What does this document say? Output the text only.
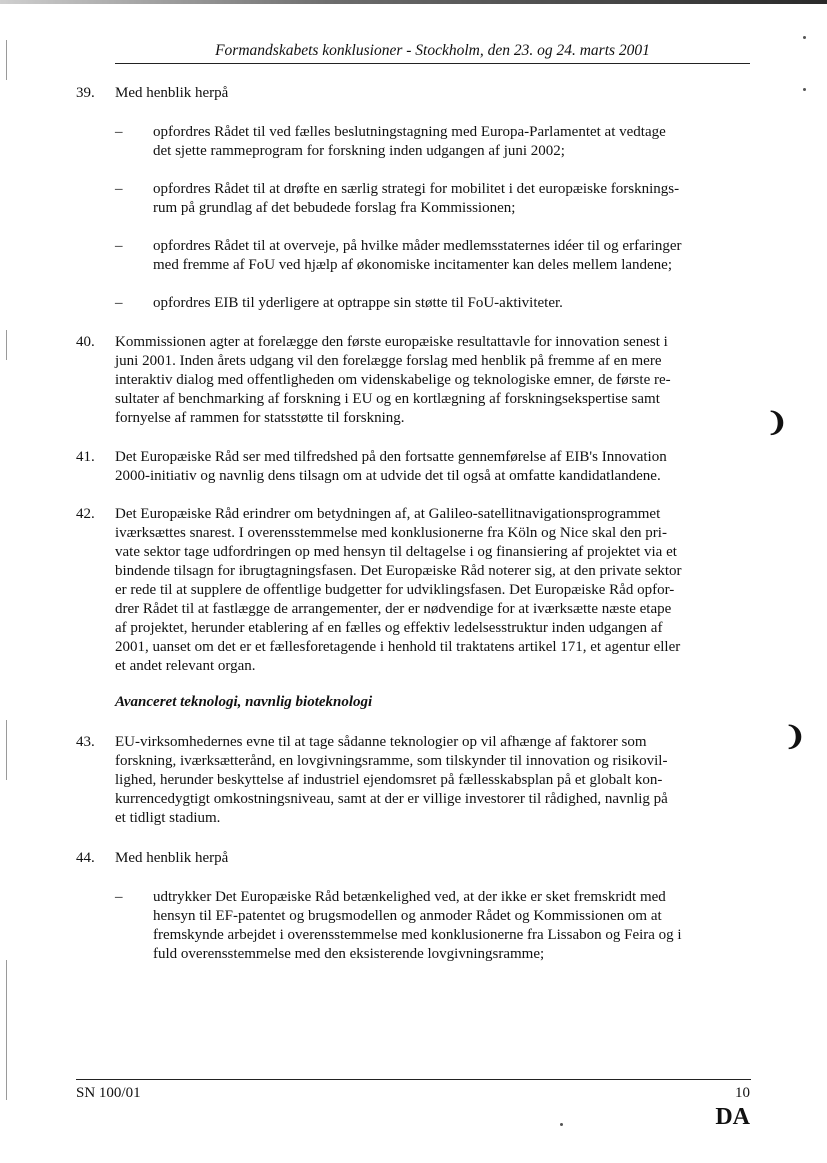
Formandskabets konklusioner - Stockholm, den 23. og 24. marts 2001
39.	Med henblik herpå
–	opfordres Rådet til ved fælles beslutningstagning med Europa-Parlamentet at vedtage
det sjette rammeprogram for forskning inden udgangen af juni 2002;
–	opfordres Rådet til at drøfte en særlig strategi for mobilitet i det europæiske forsknings-
rum på grundlag af det bebudede forslag fra Kommissionen;
–	opfordres Rådet til at overveje, på hvilke måder medlemsstaternes idéer til og erfaringer
med fremme af FoU ved hjælp af økonomiske incitamenter kan deles mellem landene;
–	opfordres EIB til yderligere at optrappe sin støtte til FoU-aktiviteter.
40.	Kommissionen agter at forelægge den første europæiske resultattavle for innovation senest i
juni 2001. Inden årets udgang vil den forelægge forslag med henblik på fremme af en mere
interaktiv dialog med offentligheden om videnskabelige og teknologiske emner, de første re-
sultater af benchmarking af forskning i EU og en kortlægning af forskningsekspertise samt
fornyelse af rammen for statsstøtte til forskning.
41.	Det Europæiske Råd ser med tilfredshed på den fortsatte gennemførelse af EIB's Innovation
2000-initiativ og navnlig dens tilsagn om at udvide det til også at omfatte kandidatlandene.
42.	Det Europæiske Råd erindrer om betydningen af, at Galileo-satellitnavigationsprogrammet
iværksættes snarest. I overensstemmelse med konklusionerne fra Köln og Nice skal den pri-
vate sektor tage udfordringen op med hensyn til deltagelse i og finansiering af projektet via et
bindende tilsagn for ibrugtagningsfasen. Det Europæiske Råd noterer sig, at den private sektor
er rede til at supplere de offentlige budgetter for udviklingsfasen. Det Europæiske Råd opfor-
drer Rådet til at fastlægge de arrangementer, der er nødvendige for at iværksætte næste etape
af projektet, herunder etablering af en fælles og effektiv ledelsesstruktur inden udgangen af
2001, uanset om det er et fællesforetagende i henhold til traktatens artikel 171, et agentur eller
et andet relevant organ.
Avanceret teknologi, navnlig bioteknologi
43.	EU-virksomhedernes evne til at tage sådanne teknologier op vil afhænge af faktorer som
forskning, iværksætterånd, en lovgivningsramme, som tilskynder til innovation og risikovil-
lighed, herunder beskyttelse af industriel ejendomsret på fællesskabsplan på et globalt kon-
kurrencedygtigt omkostningsniveau, samt at der er villige investorer til rådighed, navnlig på
et tidligt stadium.
44.	Med henblik herpå
–	udtrykker Det Europæiske Råd betænkelighed ved, at der ikke er sket fremskridt med
hensyn til EF-patentet og brugsmodellen og anmoder Rådet og Kommissionen om at
fremskynde arbejdet i overensstemmelse med konklusionerne fra Lissabon og Feira og i
fuld overensstemmelse med den eksisterende lovgivningsramme;
❩
❩
SN 100/01	10
DA
